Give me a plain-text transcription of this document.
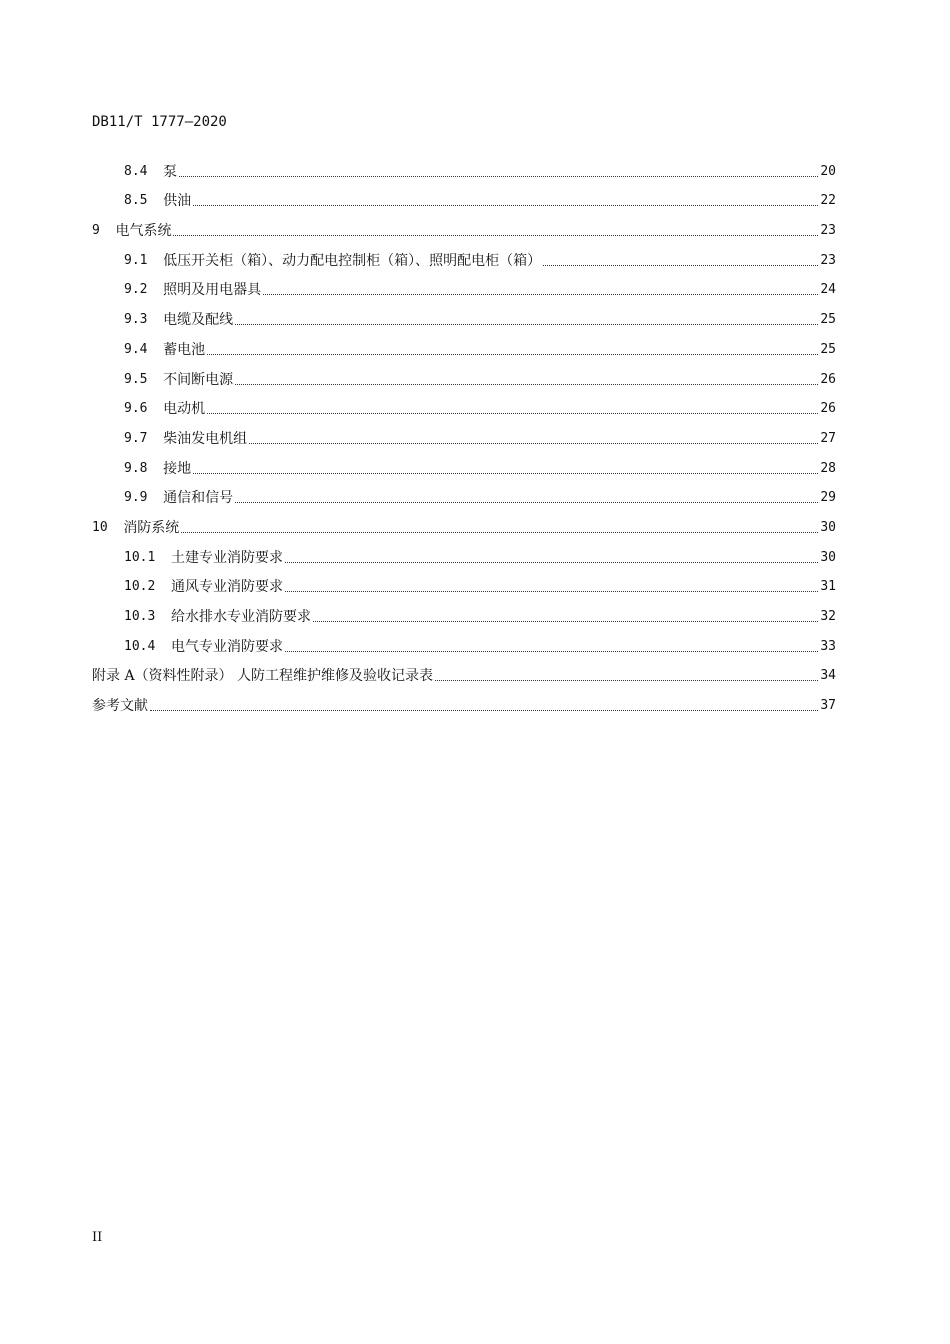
DB11/T 1777—2020
8.4 泵	20
8.5 供油	22
9 电气系统	23
9.1 低压开关柜（箱）、动力配电控制柜（箱）、照明配电柜（箱）	23
9.2 照明及用电器具	24
9.3 电缆及配线	25
9.4 蓄电池	25
9.5 不间断电源	26
9.6 电动机	26
9.7 柴油发电机组	27
9.8 接地	28
9.9 通信和信号	29
10 消防系统	30
10.1 土建专业消防要求	30
10.2 通风专业消防要求	31
10.3 给水排水专业消防要求	32
10.4 电气专业消防要求	33
附录 A（资料性附录） 人防工程维护维修及验收记录表	34
参考文献	37
II
